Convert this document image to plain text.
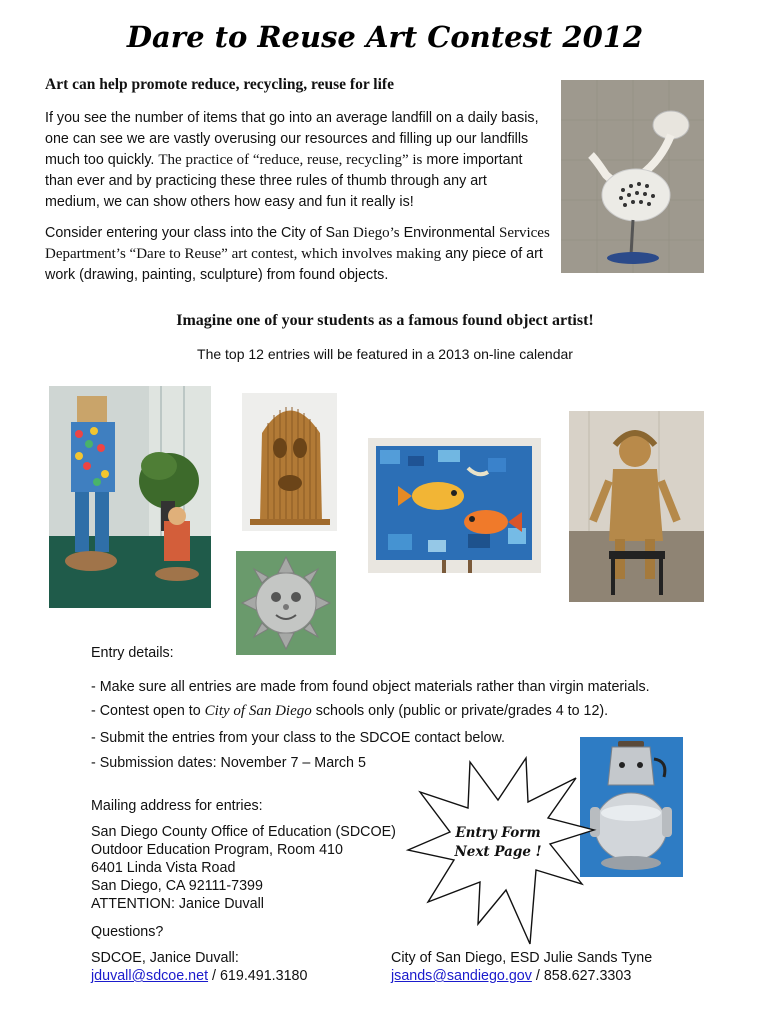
Dare to Reuse Art Contest 2012
Art can help promote reduce, recycling, reuse for life
If you see the number of items that go into an average landfill on a daily basis, one can see we are vastly overusing our resources and filling up our landfills much too quickly. The practice of “reduce, reuse, recycling” is more important than ever and by practicing these three rules of thumb through any art medium, we can show others how easy and fun it really is!
Consider entering your class into the City of San Diego’s Environmental Services Department’s “Dare to Reuse” art contest, which involves making any piece of art work (drawing, painting, sculpture) from found objects.
Imagine one of your students as a famous found object artist!
The top 12 entries will be featured in a 2013 on-line calendar
Entry details:
- Make sure all entries are made from found object materials rather than virgin materials.
- Contest open to City of San Diego schools only (public or private/grades 4 to 12).
- Submit the entries from your class to the SDCOE contact below.
- Submission dates: November 7 – March 5
Entry Form
Next Page !
Mailing address for entries:
San Diego County Office of Education (SDCOE)
Outdoor Education Program, Room 410
6401 Linda Vista Road
San Diego, CA 92111-7399
ATTENTION: Janice Duvall
Questions?
SDCOE, Janice Duvall:
jduvall@sdcoe.net / 619.491.3180
City of San Diego, ESD Julie Sands Tyne
jsands@sandiego.gov / 858.627.3303
